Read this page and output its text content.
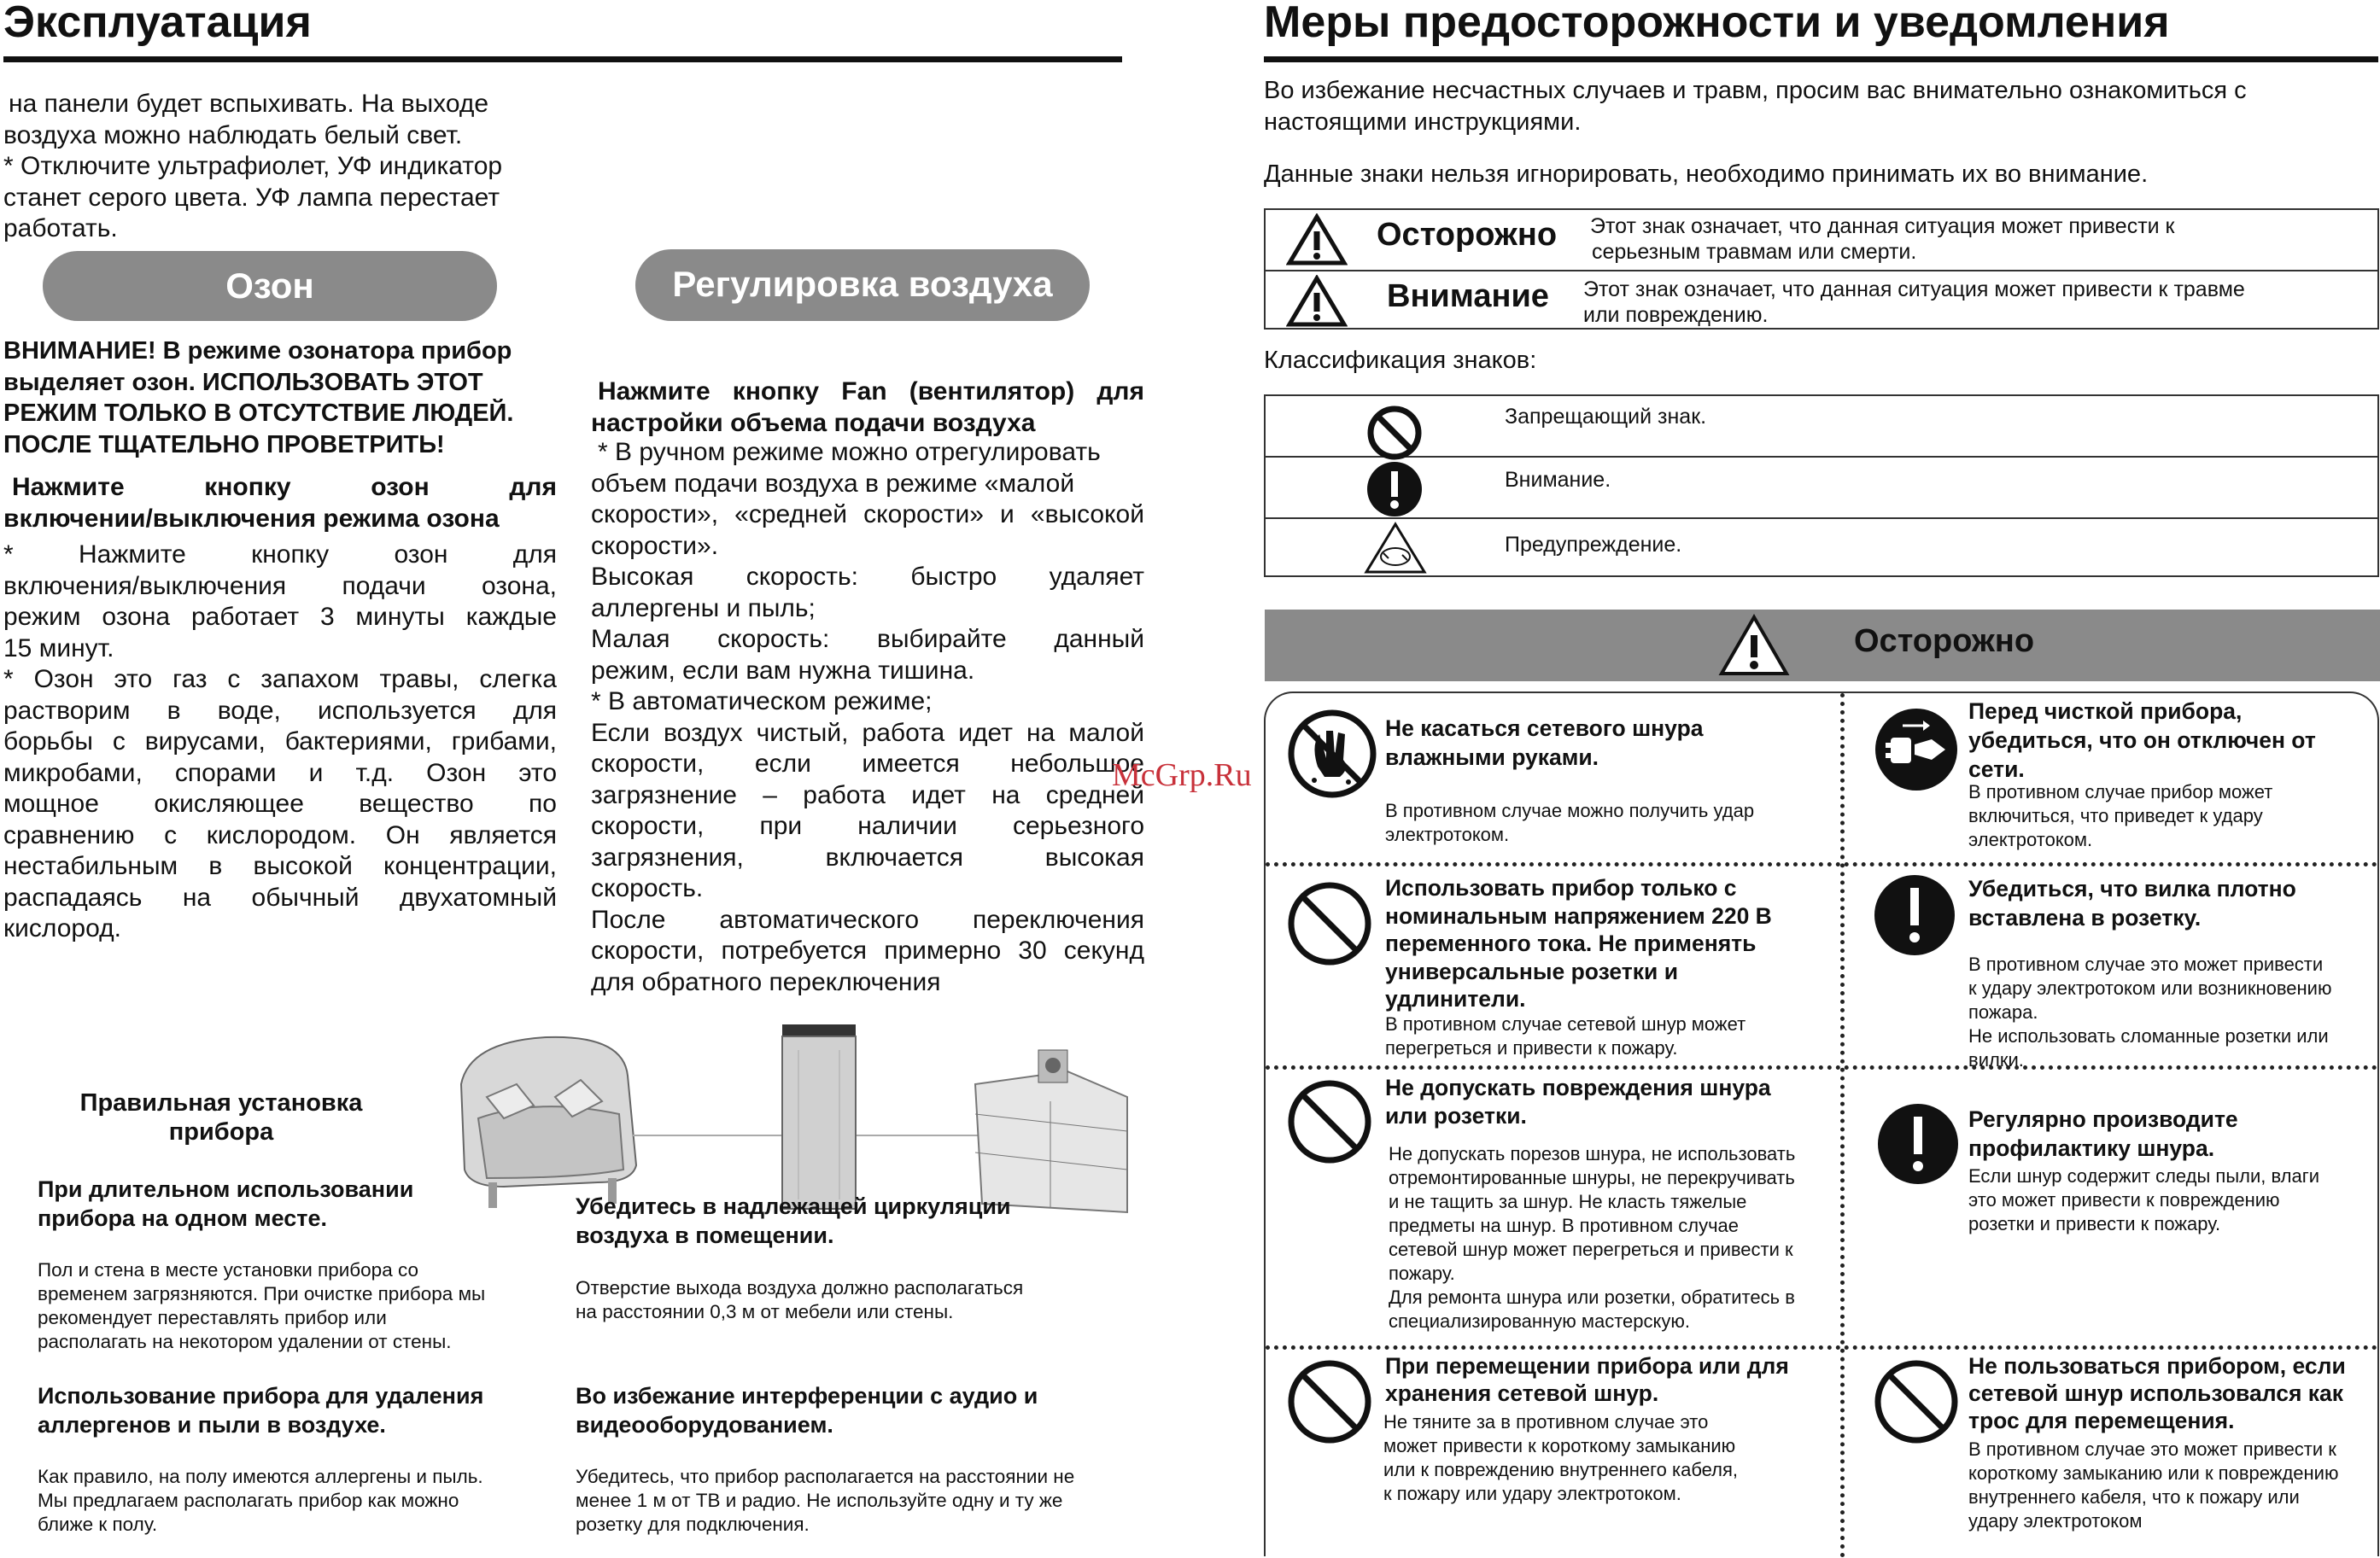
Эксплуатация
на панели будет вспыхивать. На выходе
воздуха можно наблюдать белый свет.
* Отключите ультрафиолет, УФ индикатор
станет серого цвета. УФ лампа перестает
работать.
Озон	Регулировка воздуха
ВНИМАНИЕ! В режиме озонатора прибор
выделяет озон. ИСПОЛЬЗОВАТЬ ЭТОТ
РЕЖИМ ТОЛЬКО В ОТСУТСТВИЕ ЛЮДЕЙ.
ПОСЛЕ ТЩАТЕЛЬНО ПРОВЕТРИТЬ!
Нажмите кнопку озон для
включении/выключения режима озона
* Нажмите кнопку озон для
включения/выключения подачи озона,
режим озона работает 3 минуты каждые
15 минут.
* Озон это газ с запахом травы, слегка
растворим в воде, используется для
борьбы с вирусами, бактериями, грибами,
микробами, спорами и т.д. Озон это
мощное окисляющее вещество по
сравнению с кислородом. Он является
нестабильным в высокой концентрации,
распадаясь на обычный двухатомный
кислород.
Нажмите кнопку Fan (вентилятор) для
настройки объема подачи воздуха
* В ручном режиме можно отрегулировать
объем подачи воздуха в режиме «малой
скорости», «средней скорости» и «высокой
скорости».
Высокая скорость: быстро удаляет
аллергены и пыль;
Малая скорость: выбирайте данный
режим, если вам нужна тишина.
* В автоматическом режиме;
Если воздух чистый, работа идет на малой
скорости, если имеется небольшое
загрязнение – работа идет на средней
скорости, при наличии серьезного
загрязнения, включается высокая
скорость.
После автоматического переключения
скорости, потребуется примерно 30 секунд
для обратного переключения
Правильная установка
прибора
При длительном использовании
прибора на одном месте.
Пол и стена в месте установки прибора со
временем загрязняются. При очистке прибора мы
рекомендует переставлять прибор или
располагать на некотором удалении от стены.
Использование прибора для удаления
аллергенов и пыли в воздухе.
Как правило, на полу имеются аллергены и пыль.
Мы предлагаем располагать прибор как можно
ближе к полу.
Убедитесь в надлежащей циркуляции
воздуха в помещении.
Отверстие выхода воздуха должно располагаться
на расстоянии 0,3 м от мебели или стены.
Во избежание интерференции с аудио и
видеооборудованием.
Убедитесь, что прибор располагается на расстоянии не
менее 1 м от ТВ и радио. Не используйте одну и ту же
розетку для подключения.
McGrp.Ru
Меры предосторожности и уведомления
Во избежание несчастных случаев и травм, просим вас внимательно ознакомиться с
настоящими инструкциями.
Данные знаки нельзя игнорировать, необходимо принимать их во внимание.
Осторожно Этот знак означает, что данная ситуация может привести к
серьезным травмам или смерти.
Внимание Этот знак означает, что данная ситуация может привести к травме
или повреждению.
Классификация знаков:
Запрещающий знак.
Внимание.
Предупреждение.
Осторожно
Не касаться сетевого шнура
влажными руками.
В противном случае можно получить удар
электротоком.
Перед чисткой прибора,
убедиться, что он отключен от
сети.
В противном случае прибор может
включиться, что приведет к удару
электротоком.
Использовать прибор только с
номинальным напряжением 220 В
переменного тока. Не применять
универсальные розетки и
удлинители.
В противном случае сетевой шнур может
перегреться и привести к пожару.
Убедиться, что вилка плотно
вставлена в розетку.
В противном случае это может привести
к удару электротоком или возникновению
пожара.
Не использовать сломанные розетки или
вилки.
Не допускать повреждения шнура
или розетки.
Не допускать порезов шнура, не использовать
отремонтированные шнуры, не перекручивать
и не тащить за шнур. Не класть тяжелые
предметы на шнур. В противном случае
сетевой шнур может перегреться и привести к
пожару.
Для ремонта шнура или розетки, обратитесь в
специализированную мастерскую.
Регулярно производите
профилактику шнура.
Если шнур содержит следы пыли, влаги
это может привести к повреждению
розетки и привести к пожару.
При перемещении прибора или для
хранения сетевой шнур.
Не тяните за в противном случае это
может привести к короткому замыканию
или к повреждению внутреннего кабеля,
к пожару или удару электротоком.
Не пользоваться прибором, если
сетевой шнур использовался как
трос для перемещения.
В противном случае это может привести к
короткому замыканию или к повреждению
внутреннего кабеля, что к пожару или
удару электротоком
